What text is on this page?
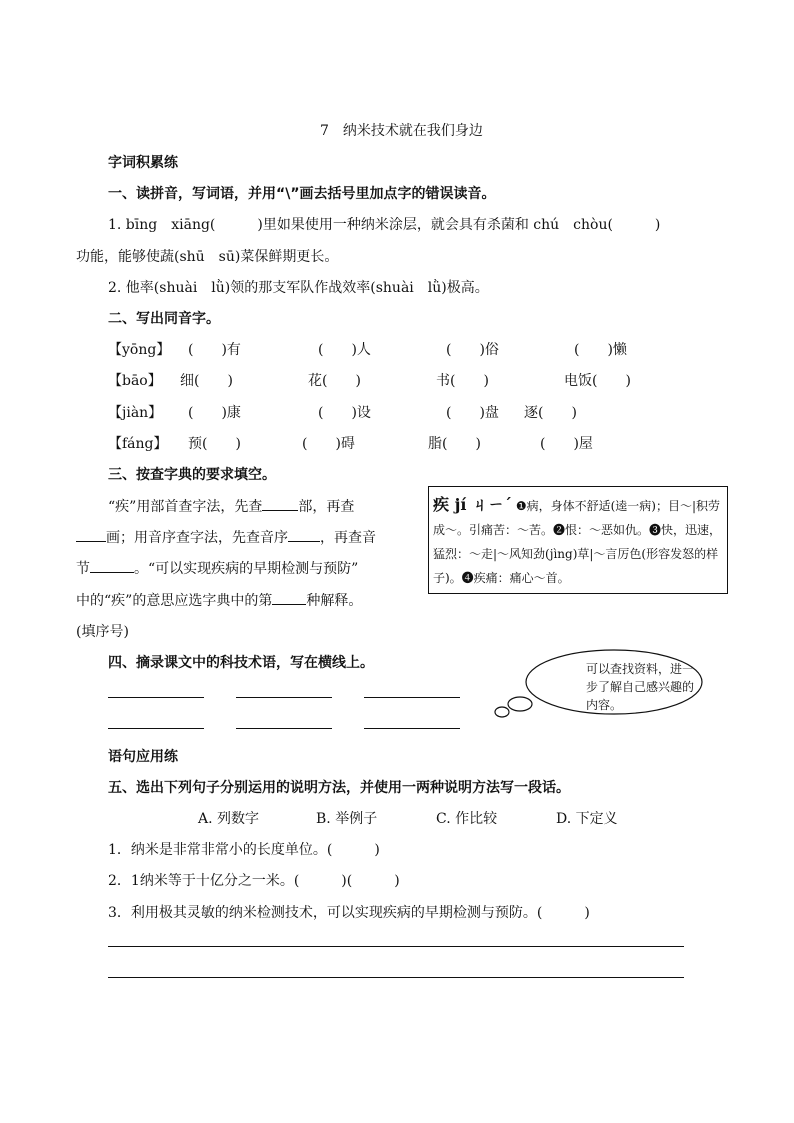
7　纳米技术就在我们身边
字词积累练
一、读拼音，写词语，并用“\”画去括号里加点字的错误读音。
1. bīng　xiāng(　　　)里如果使用一种纳米涂层，就会具有杀菌和 chú　chòu(　　　)
功能，能够使蔬(shū　sū)菜保鲜期更长。
2. 他率(shuài　lǜ)领的那支军队作战效率(shuài　lǜ)极高。
二、写出同音字。
【yōng】 (　　)有	(　　)人	(　　)俗	(　　)懒
【bāo】 细(　　)	花(　　)	书(　　)	电饭(　　)
【jiàn】 (　　)康	(　　)设	(　　)盘 逐(　　)
【fáng】 预(　　)	(　　)碍	脂(　　)	(　　)屋
三、按查字典的要求填空。
“疾”用部首查字法，先查	部，再查
画；用音序查字法，先查音序 ，再查音
节	。“可以实现疾病的早期检测与预防”
中的“疾”的意思应选字典中的第 种解释。
(填序号)
疾 jí ㄐㄧˊ ❶病，身体不舒适(逵一病)；目～|积劳成～。引痛苦：～苦。❷恨：～恶如仇。❸快，迅速，猛烈：～走|～风知劲(jìng)草|～言厉色(形容发怒的样子)。❹疾痛：痛心～首。
四、摘录课文中的科技术语，写在横线上。	可以查找资料，进一步了解自己感兴趣的内容。
语句应用练
五、选出下列句子分别运用的说明方法，并使用一两种说明方法写一段话。
A. 列数字	B. 举例子	C. 作比较	D. 下定义
1．纳米是非常非常小的长度单位。(　　　)
2．1纳米等于十亿分之一米。(　　　)(　　　)
3．利用极其灵敏的纳米检测技术，可以实现疾病的早期检测与预防。(　　　)
